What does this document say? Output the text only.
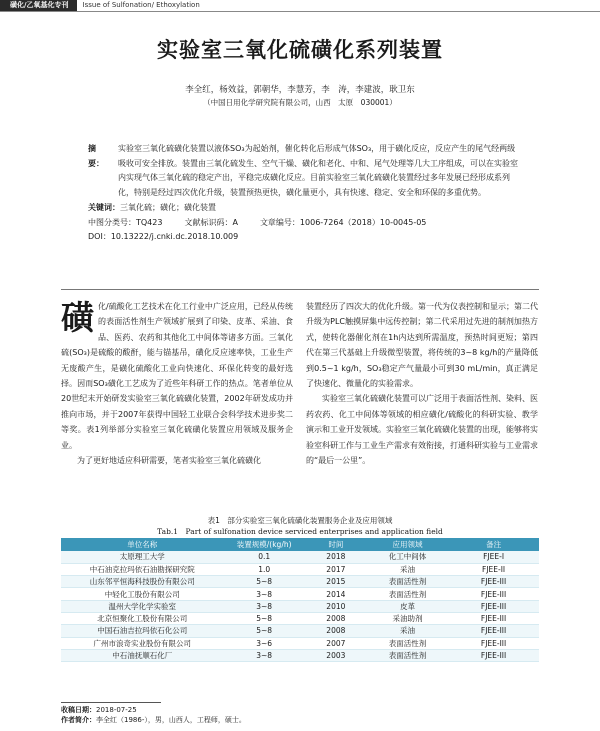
磺化/乙氧基化专刊	Issue of Sulfonation/ Ethoxylation
实验室三氧化硫磺化系列装置
李全红，杨效益，郭朝华，李慧芳，李　涛，李建波，耿卫东
（中国日用化学研究院有限公司，山西　太原　030001）
摘　要：
实验室三氧化硫磺化装置以液体SO₃为起始剂，催化转化后形成气体SO₃，用于磺化反应，反应产生的尾气经两级吸收可安全排放。装置由三氧化硫发生、空气干燥、磺化和老化、中和、尾气处理等几大工序组成，可以在实验室内实现气体三氧化硫的稳定产出，平稳完成磺化反应。目前实验室三氧化硫磺化装置经过多年发展已经形成系列化，特别是经过四次优化升级，装置预热更快，磺化量更小，具有快速、稳定、安全和环保的多重优势。
关键词：三氧化硫；磺化；磺化装置
中图分类号：TQ423	文献标识码：A	文章编号：1006-7264（2018）10-0045-05
DOI：10.13222/j.cnki.dc.2018.10.009

磺化/硫酸化工艺技术在化工行业中广泛应用，已经从传统的表面活性剂生产领域扩展到了印染、皮革、采油、食品、医药、农药和其他化工中间体等诸多方面。三氧化硫(SO₃)是硫酸的酸酐，能与锚基吊，磺化反应速率快，工业生产无废酸产生，是磺化硫酸化工业向快速化、环保化转变的最好选择。因而SO₃磺化工艺成为了近些年科研工作的热点。笔者单位从20世纪末开始研发实验室三氧化硫磺化装置，2002年研发成功并推向市场，并于2007年获得中国轻工业联合会科学技术进步奖二等奖。表1列举部分实验室三氧化硫磺化装置应用领域及服务企业。

为了更好地适应科研需要，笔者实验室三氧化硫磺化

装置经历了四次大的优化升级。第一代为仪表控制和显示；第二代升级为PLC触摸屏集中远传控制；第二代采用过先进的制剂加热方式，使转化器催化剂在1h内达到所需温度，预热时间更短；第四代在第三代基础上升级微型装置，将传统的3~8 kg/h的产量降低到0.5~1 kg/h，SO₃稳定产气量最小可到30 mL/min，真正满足了快速化、微量化的实验需求。

实验室三氧化硫磺化装置可以广泛用于表面活性剂、染料、医药农药、化工中间体等领域的相应磺化/硫酸化的科研实验、教学演示和工业开发领域。实验室三氧化硫磺化装置的出现，能够将实验室科研工作与工业生产需求有效衔接，打通科研实验与工业需求的“最后一公里”。

表1　部分实验室三氧化硫磺化装置服务企业及应用领域
Tab.1　Part of sulfonation device serviced enterprises and application field
单位名称	装置规模/(kg/h)	时间	应用领域	备注
太原理工大学	0.1	2018	化工中间体	FJEE-I
中石油克拉玛依石油勘探研究院	1.0	2017	采油	FJEE-II
山东邻平恒海科技股份有限公司	5~8	2015	表面活性剂	FJEE-III
中轻化工股份有限公司	3~8	2014	表面活性剂	FJEE-III
温州大学化学实验室	3~8	2010	皮革	FJEE-III
北京恒聚化工股份有限公司	5~8	2008	采油助剂	FJEE-III
中国石油吉拉玛依石化公司	5~8	2008	采油	FJEE-III
广州市浪奇实业股份有限公司	3~6	2007	表面活性剂	FJEE-III
中石油抚顺石化厂	3~8	2003	表面活性剂	FJEE-III
收稿日期：2018-07-25
作者简介：李全红（1986-），男，山西人，工程师，硕士。
